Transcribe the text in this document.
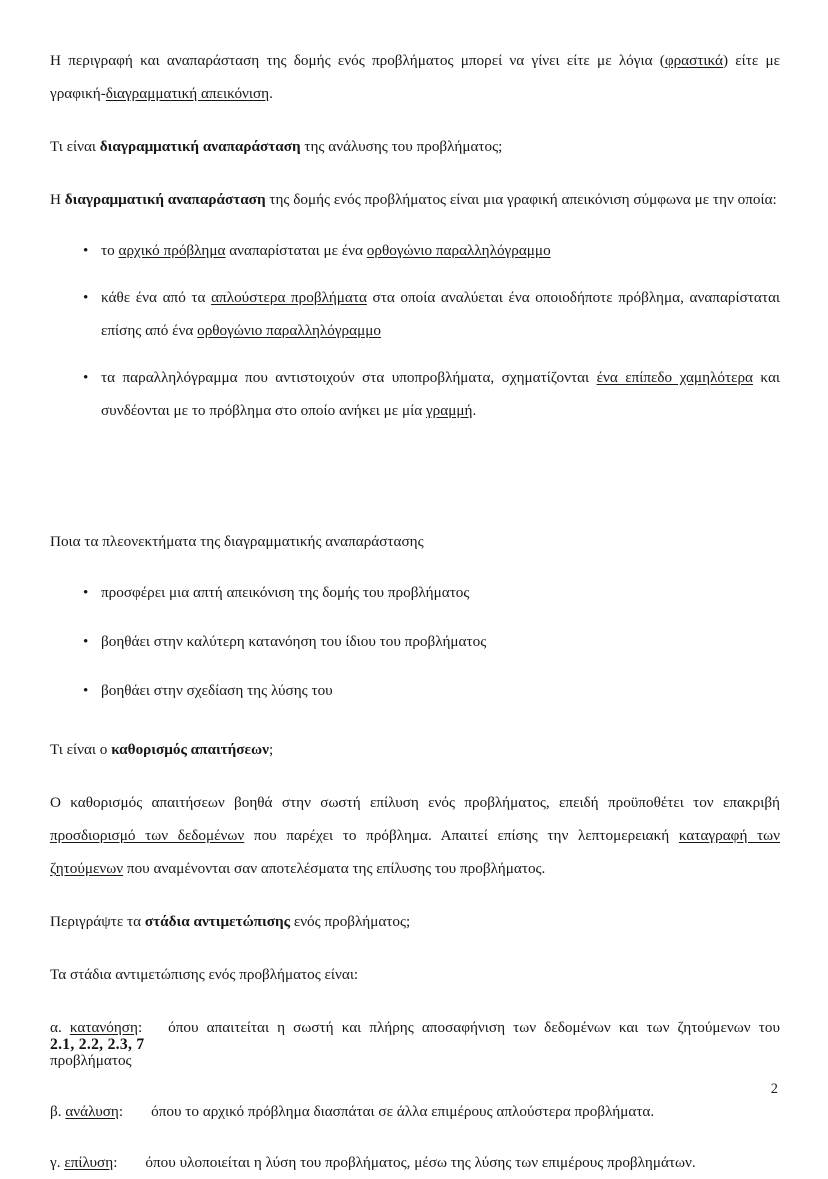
Η περιγραφή και αναπαράσταση της δομής ενός προβλήματος μπορεί να γίνει είτε με λόγια (φραστικά) είτε με γραφική-διαγραμματική απεικόνιση.

Τι είναι διαγραμματική αναπαράσταση της ανάλυσης του προβλήματος;

Η διαγραμματική αναπαράσταση της δομής ενός προβλήματος είναι μια γραφική απεικόνιση σύμφωνα με την οποία:

• το αρχικό πρόβλημα αναπαρίσταται με ένα ορθογώνιο παραλληλόγραμμο
• κάθε ένα από τα απλούστερα προβλήματα στα οποία αναλύεται ένα οποιοδήποτε πρόβλημα, αναπαρίσταται επίσης από ένα ορθογώνιο παραλληλόγραμμο
• τα παραλληλόγραμμα που αντιστοιχούν στα υποπροβλήματα, σχηματίζονται ένα επίπεδο χαμηλότερα και συνδέονται με το πρόβλημα στο οποίο ανήκει με μία γραμμή.

Ποια τα πλεονεκτήματα της διαγραμματικής αναπαράστασης

• προσφέρει μια απτή απεικόνιση της δομής του προβλήματος
• βοηθάει στην καλύτερη κατανόηση του ίδιου του προβλήματος
• βοηθάει στην σχεδίαση της λύσης του

Τι είναι ο καθορισμός απαιτήσεων;

Ο καθορισμός απαιτήσεων βοηθά στην σωστή επίλυση ενός προβλήματος, επειδή προϋποθέτει τον επακριβή προσδιορισμό των δεδομένων που παρέχει το πρόβλημα. Απαιτεί επίσης την λεπτομερειακή καταγραφή των ζητούμενων που αναμένονται σαν αποτελέσματα της επίλυσης του προβλήματος.

Περιγράψτε τα στάδια αντιμετώπισης ενός προβλήματος;

Τα στάδια αντιμετώπισης ενός προβλήματος είναι:

α. κατανόηση: όπου απαιτείται η σωστή και πλήρης αποσαφήνιση των δεδομένων και των ζητούμενων του προβλήματος

β. ανάλυση: όπου το αρχικό πρόβλημα διασπάται σε άλλα επιμέρους απλούστερα προβλήματα.

γ. επίλυση: όπου υλοποιείται η λύση του προβλήματος, μέσω της λύσης των επιμέρους προβλημάτων.

2.1, 2.2, 2.3, 7
2
